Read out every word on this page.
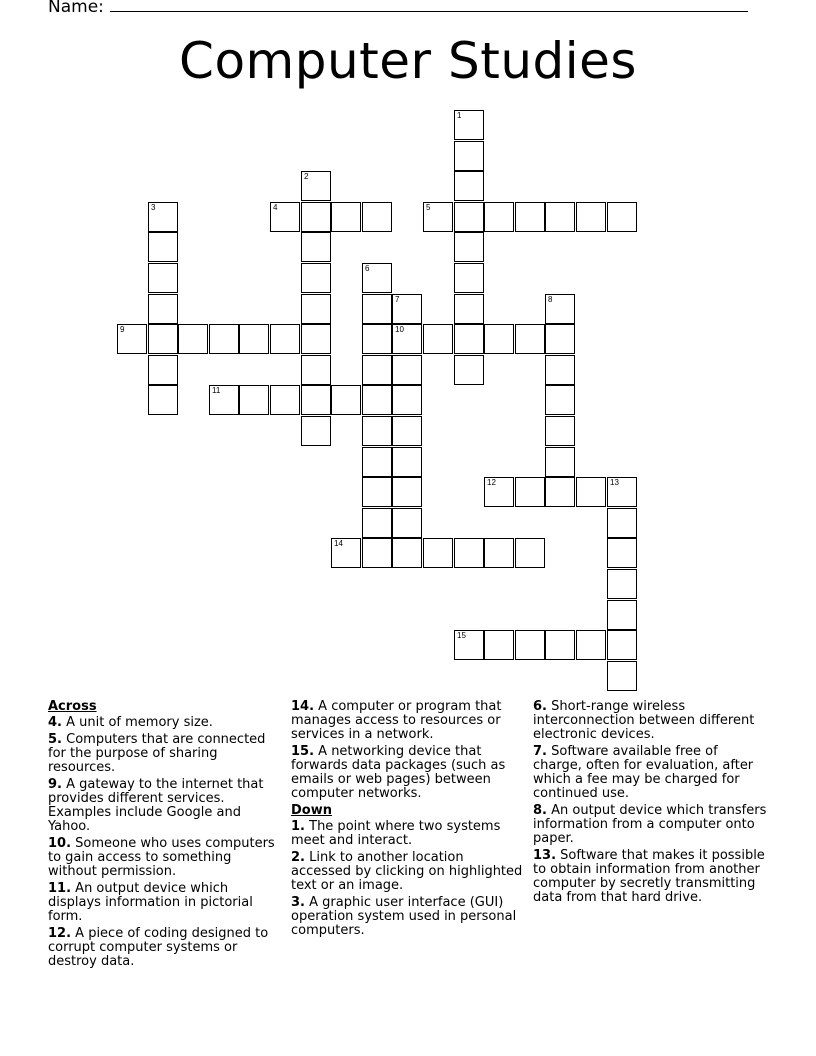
Name:
Computer Studies
1
2
3	4	5
6
7	8
9	10
11
12	13
14
15
Across
4. A unit of memory size.
5. Computers that are connected for the purpose of sharing resources.
9. A gateway to the internet that provides different services. Examples include Google and Yahoo.
10. Someone who uses computers to gain access to something without permission.
11. An output device which displays information in pictorial form.
12. A piece of coding designed to corrupt computer systems or destroy data.
14. A computer or program that manages access to resources or services in a network.
15. A networking device that forwards data packages (such as emails or web pages) between computer networks.
Down
1. The point where two systems meet and interact.
2. Link to another location accessed by clicking on highlighted text or an image.
3. A graphic user interface (GUI) operation system used in personal computers.
6. Short-range wireless interconnection between different electronic devices.
7. Software available free of charge, often for evaluation, after which a fee may be charged for continued use.
8. An output device which transfers information from a computer onto paper.
13. Software that makes it possible to obtain information from another computer by secretly transmitting data from that hard drive.
